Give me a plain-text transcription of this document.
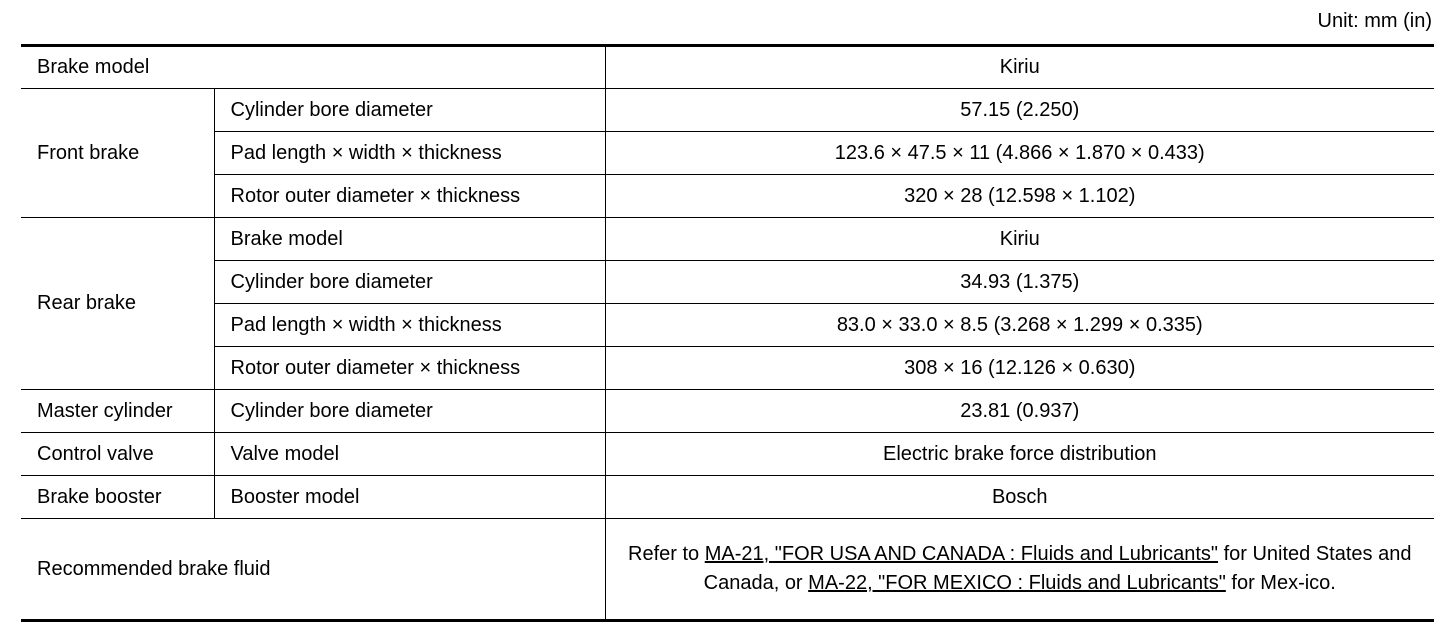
Unit: mm (in)
Brake model		Kiriu
Front brake	Cylinder bore diameter	57.15 (2.250)
	Pad length × width × thickness	123.6 × 47.5 × 11 (4.866 × 1.870 × 0.433)
	Rotor outer diameter × thickness	320 × 28 (12.598 × 1.102)
Rear brake	Brake model	Kiriu
	Cylinder bore diameter	34.93 (1.375)
	Pad length × width × thickness	83.0 × 33.0 × 8.5 (3.268 × 1.299 × 0.335)
	Rotor outer diameter × thickness	308 × 16 (12.126 × 0.630)
Master cylinder	Cylinder bore diameter	23.81 (0.937)
Control valve	Valve model	Electric brake force distribution
Brake booster	Booster model	Bosch
Recommended brake fluid		Refer to MA-21, "FOR USA AND CANADA : Fluids and Lubricants" for United States and Canada, or MA-22, "FOR MEXICO : Fluids and Lubricants" for Mex-ico.
